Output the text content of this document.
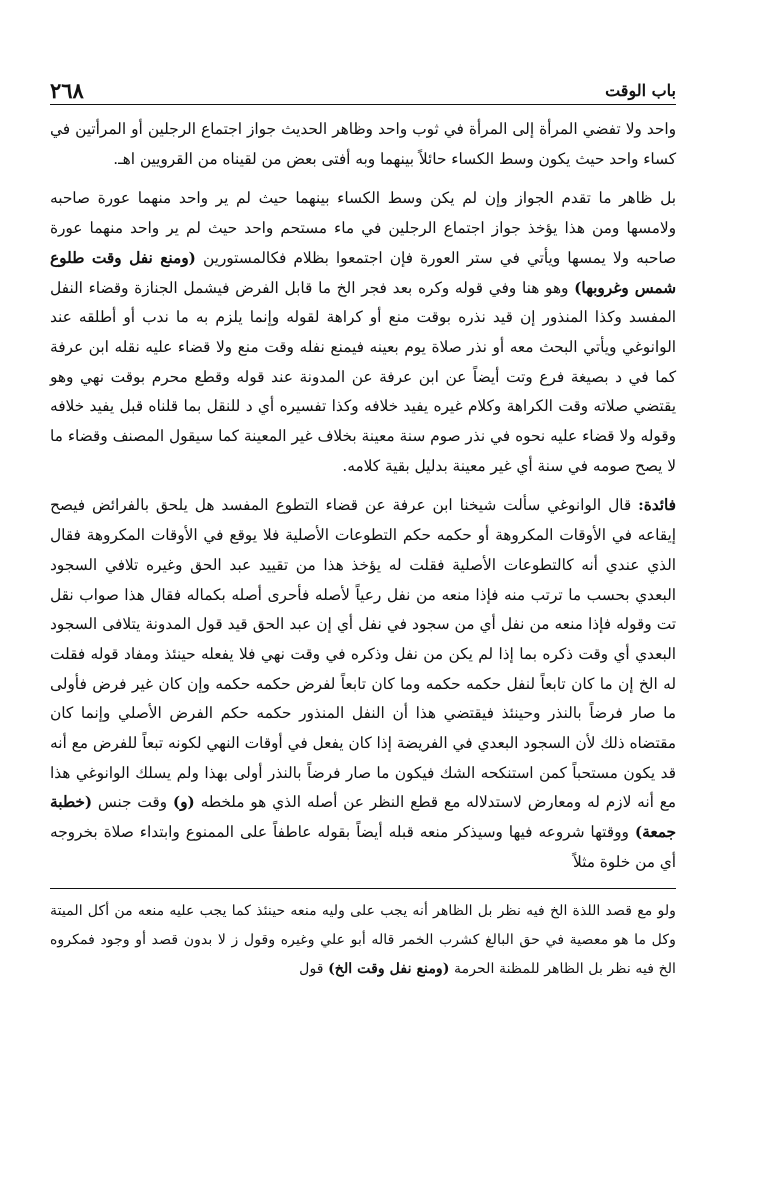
٢٦٨	باب الوقت

واحد ولا تفضي المرأة إلى المرأة في ثوب واحد وظاهر الحديث جواز اجتماع الرجلين أو المرأتين في كساء واحد حيث يكون وسط الكساء حائلاً بينهما وبه أفتى بعض من لقيناه من القرويين اهـ.

بل ظاهر ما تقدم الجواز وإن لم يكن وسط الكساء بينهما حيث لم ير واحد منهما عورة صاحبه ولامسها ومن هذا يؤخذ جواز اجتماع الرجلين في ماء مستحم واحد حيث لم ير واحد منهما عورة صاحبه ولا يمسها ويأتي في ستر العورة فإن اجتمعوا بظلام فكالمستورين (ومنع نفل وقت طلوع شمس وغروبها) وهو هنا وفي قوله وكره بعد فجر الخ ما قابل الفرض فيشمل الجنازة وقضاء النفل المفسد وكذا المنذور إن قيد نذره بوقت منع أو كراهة لقوله وإنما يلزم به ما ندب أو أطلقه عند الوانوغي ويأتي البحث معه أو نذر صلاة يوم بعينه فيمنع نفله وقت منع ولا قضاء عليه نقله ابن عرفة كما في د بصيغة فرع وتت أيضاً عن ابن عرفة عن المدونة عند قوله وقطع محرم بوقت نهي وهو يقتضي صلاته وقت الكراهة وكلام غيره يفيد خلافه وكذا تفسيره أي د للنقل بما قلناه قبل يفيد خلافه وقوله ولا قضاء عليه نحوه في نذر صوم سنة معينة بخلاف غير المعينة كما سيقول المصنف وقضاء ما لا يصح صومه في سنة أي غير معينة بدليل بقية كلامه.

فائدة: قال الوانوغي سألت شيخنا ابن عرفة عن قضاء التطوع المفسد هل يلحق بالفرائض فيصح إيقاعه في الأوقات المكروهة أو حكمه حكم التطوعات الأصلية فلا يوقع في الأوقات المكروهة فقال الذي عندي أنه كالتطوعات الأصلية فقلت له يؤخذ هذا من تقييد عبد الحق وغيره تلافي السجود البعدي بحسب ما ترتب منه فإذا منعه من نفل رعياً لأصله فأحرى أصله بكماله فقال هذا صواب نقل تت وقوله فإذا منعه من نفل أي من سجود في نفل أي إن عبد الحق قيد قول المدونة يتلافى السجود البعدي أي وقت ذكره بما إذا لم يكن من نفل وذكره في وقت نهي فلا يفعله حينئذ ومفاد قوله فقلت له الخ إن ما كان تابعاً لنفل حكمه حكمه وما كان تابعاً لفرض حكمه حكمه وإن كان غير فرض فأولى ما صار فرضاً بالنذر وحينئذ فيقتضي هذا أن النفل المنذور حكمه حكم الفرض الأصلي وإنما كان مقتضاه ذلك لأن السجود البعدي في الفريضة إذا كان يفعل في أوقات النهي لكونه تبعاً للفرض مع أنه قد يكون مستحباً كمن استنكحه الشك فيكون ما صار فرضاً بالنذر أولى بهذا ولم يسلك الوانوغي هذا مع أنه لازم له ومعارض لاستدلاله مع قطع النظر عن أصله الذي هو ملخطه (و) وقت جنس (خطبة جمعة) ووقتها شروعه فيها وسيذكر منعه قبله أيضاً بقوله عاطفاً على الممنوع وابتداء صلاة بخروجه أي من خلوة مثلاً

ولو مع قصد اللذة الخ فيه نظر بل الظاهر أنه يجب على وليه منعه حينئذ كما يجب عليه منعه من أكل الميتة وكل ما هو معصية في حق البالغ كشرب الخمر قاله أبو علي وغيره وقول ز لا بدون قصد أو وجود فمكروه الخ فيه نظر بل الظاهر للمظنة الحرمة (ومنع نفل وقت الخ) قول
